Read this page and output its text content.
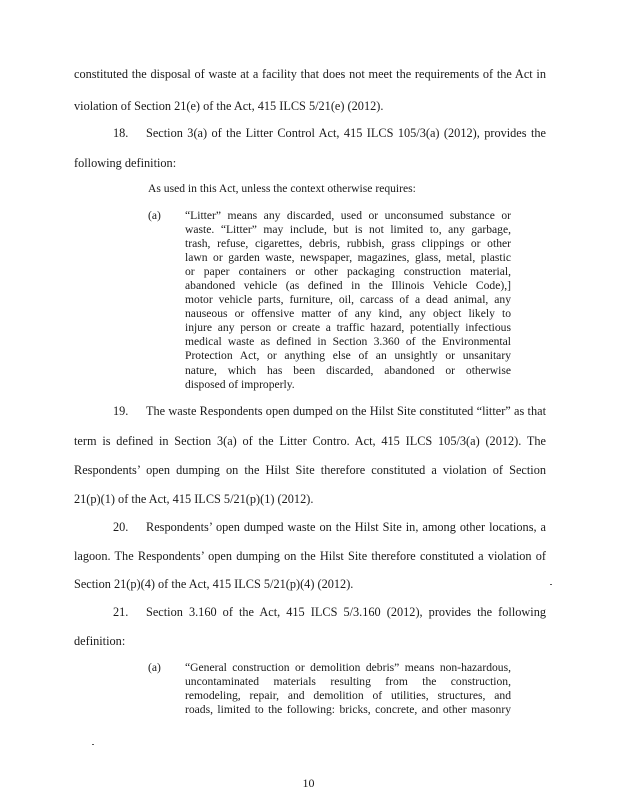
constituted the disposal of waste at a facility that does not meet the requirements of the Act in
violation of Section 21(e) of the Act, 415 ILCS 5/21(e) (2012).
18. Section 3(a) of the Litter Control Act, 415 ILCS 105/3(a) (2012), provides the
following definition:
As used in this Act, unless the context otherwise requires:
(a) “Litter” means any discarded, used or unconsumed substance or
waste. “Litter” may include, but is not limited to, any garbage,
trash, refuse, cigarettes, debris, rubbish, grass clippings or other
lawn or garden waste, newspaper, magazines, glass, metal, plastic
or paper containers or other packaging construction material,
abandoned vehicle (as defined in the Illinois Vehicle Code),]
motor vehicle parts, furniture, oil, carcass of a dead animal, any
nauseous or offensive matter of any kind, any object likely to
injure any person or create a traffic hazard, potentially infectious
medical waste as defined in Section 3.360 of the Environmental
Protection Act, or anything else of an unsightly or unsanitary
nature, which has been discarded, abandoned or otherwise
disposed of improperly.
19. The waste Respondents open dumped on the Hilst Site constituted “litter” as that
term is defined in Section 3(a) of the Litter Contro. Act, 415 ILCS 105/3(a) (2012). The
Respondents’ open dumping on the Hilst Site therefore constituted a violation of Section
21(p)(1) of the Act, 415 ILCS 5/21(p)(1) (2012).
20. Respondents’ open dumped waste on the Hilst Site in, among other locations, a
lagoon. The Respondents’ open dumping on the Hilst Site therefore constituted a violation of
Section 21(p)(4) of the Act, 415 ILCS 5/21(p)(4) (2012).
21. Section 3.160 of the Act, 415 ILCS 5/3.160 (2012), provides the following
definition:
(a) “General construction or demolition debris” means non-hazardous,
uncontaminated materials resulting from the construction,
remodeling, repair, and demolition of utilities, structures, and
roads, limited to the following: bricks, concrete, and other masonry
10
